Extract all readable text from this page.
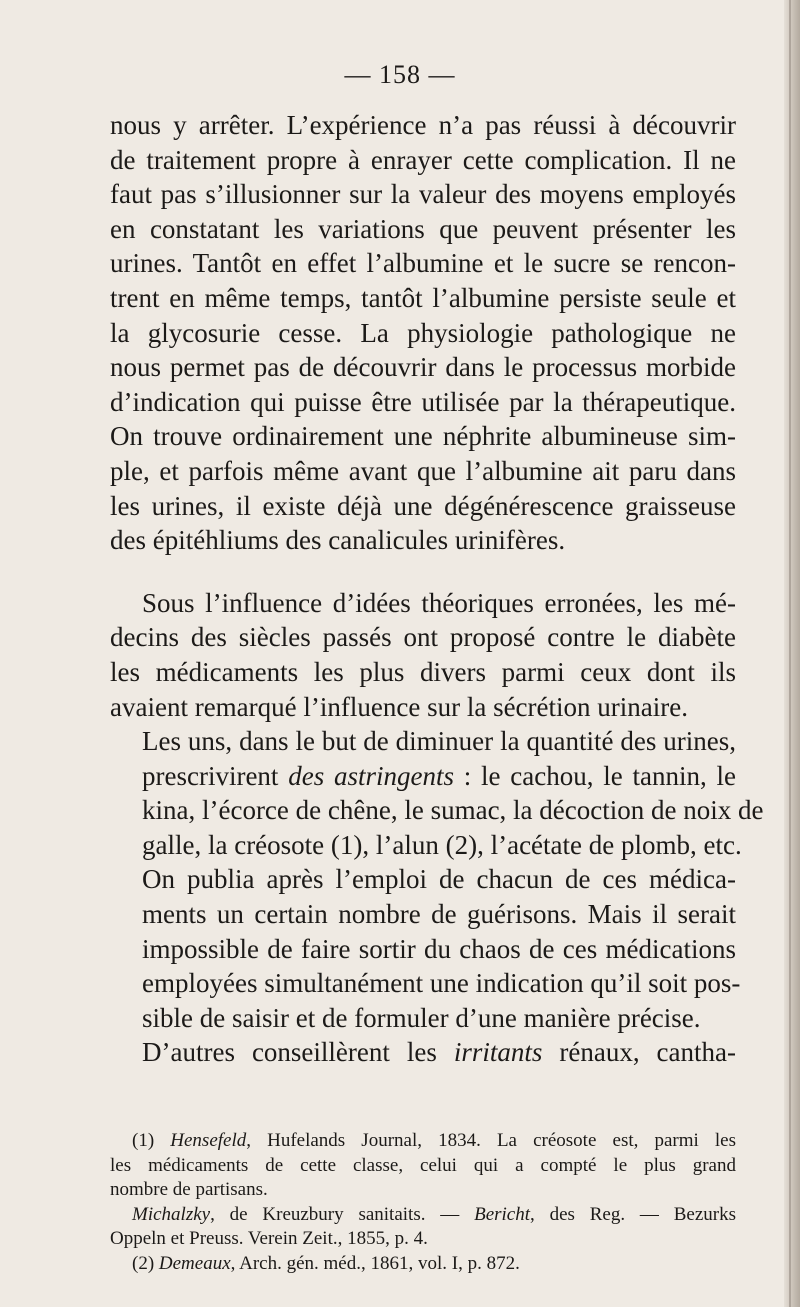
— 158 —
nous y arrêter. L’expérience n’a pas réussi à découvrir
de traitement propre à enrayer cette complication. Il ne
faut pas s’illusionner sur la valeur des moyens employés
en constatant les variations que peuvent présenter les
urines. Tantôt en effet l’albumine et le sucre se rencon-
trent en même temps, tantôt l’albumine persiste seule et
la glycosurie cesse. La physiologie pathologique ne
nous permet pas de découvrir dans le processus morbide
d’indication qui puisse être utilisée par la thérapeutique.
On trouve ordinairement une néphrite albumineuse sim-
ple, et parfois même avant que l’albumine ait paru dans
les urines, il existe déjà une dégénérescence graisseuse
des épitéhliums des canalicules urinifères.
Sous l’influence d’idées théoriques erronées, les mé-
decins des siècles passés ont proposé contre le diabète
les médicaments les plus divers parmi ceux dont ils
avaient remarqué l’influence sur la sécrétion urinaire.
Les uns, dans le but de diminuer la quantité des urines,
prescrivirent des astringents : le cachou, le tannin, le
kina, l’écorce de chêne, le sumac, la décoction de noix de
galle, la créosote (1), l’alun (2), l’acétate de plomb, etc.
On publia après l’emploi de chacun de ces médica-
ments un certain nombre de guérisons. Mais il serait
impossible de faire sortir du chaos de ces médications
employées simultanément une indication qu’il soit pos-
sible de saisir et de formuler d’une manière précise.
D’autres conseillèrent les irritants rénaux, cantha-
(1) Hensefeld, Hufelands Journal, 1834. La créosote est, parmi les
les médicaments de cette classe, celui qui a compté le plus grand
nombre de partisans.
Michalzky, de Kreuzbury sanitaits. — Bericht, des Reg. — Bezurks
Oppeln et Preuss. Verein Zeit., 1855, p. 4.
(2) Demeaux, Arch. gén. méd., 1861, vol. I, p. 872.
